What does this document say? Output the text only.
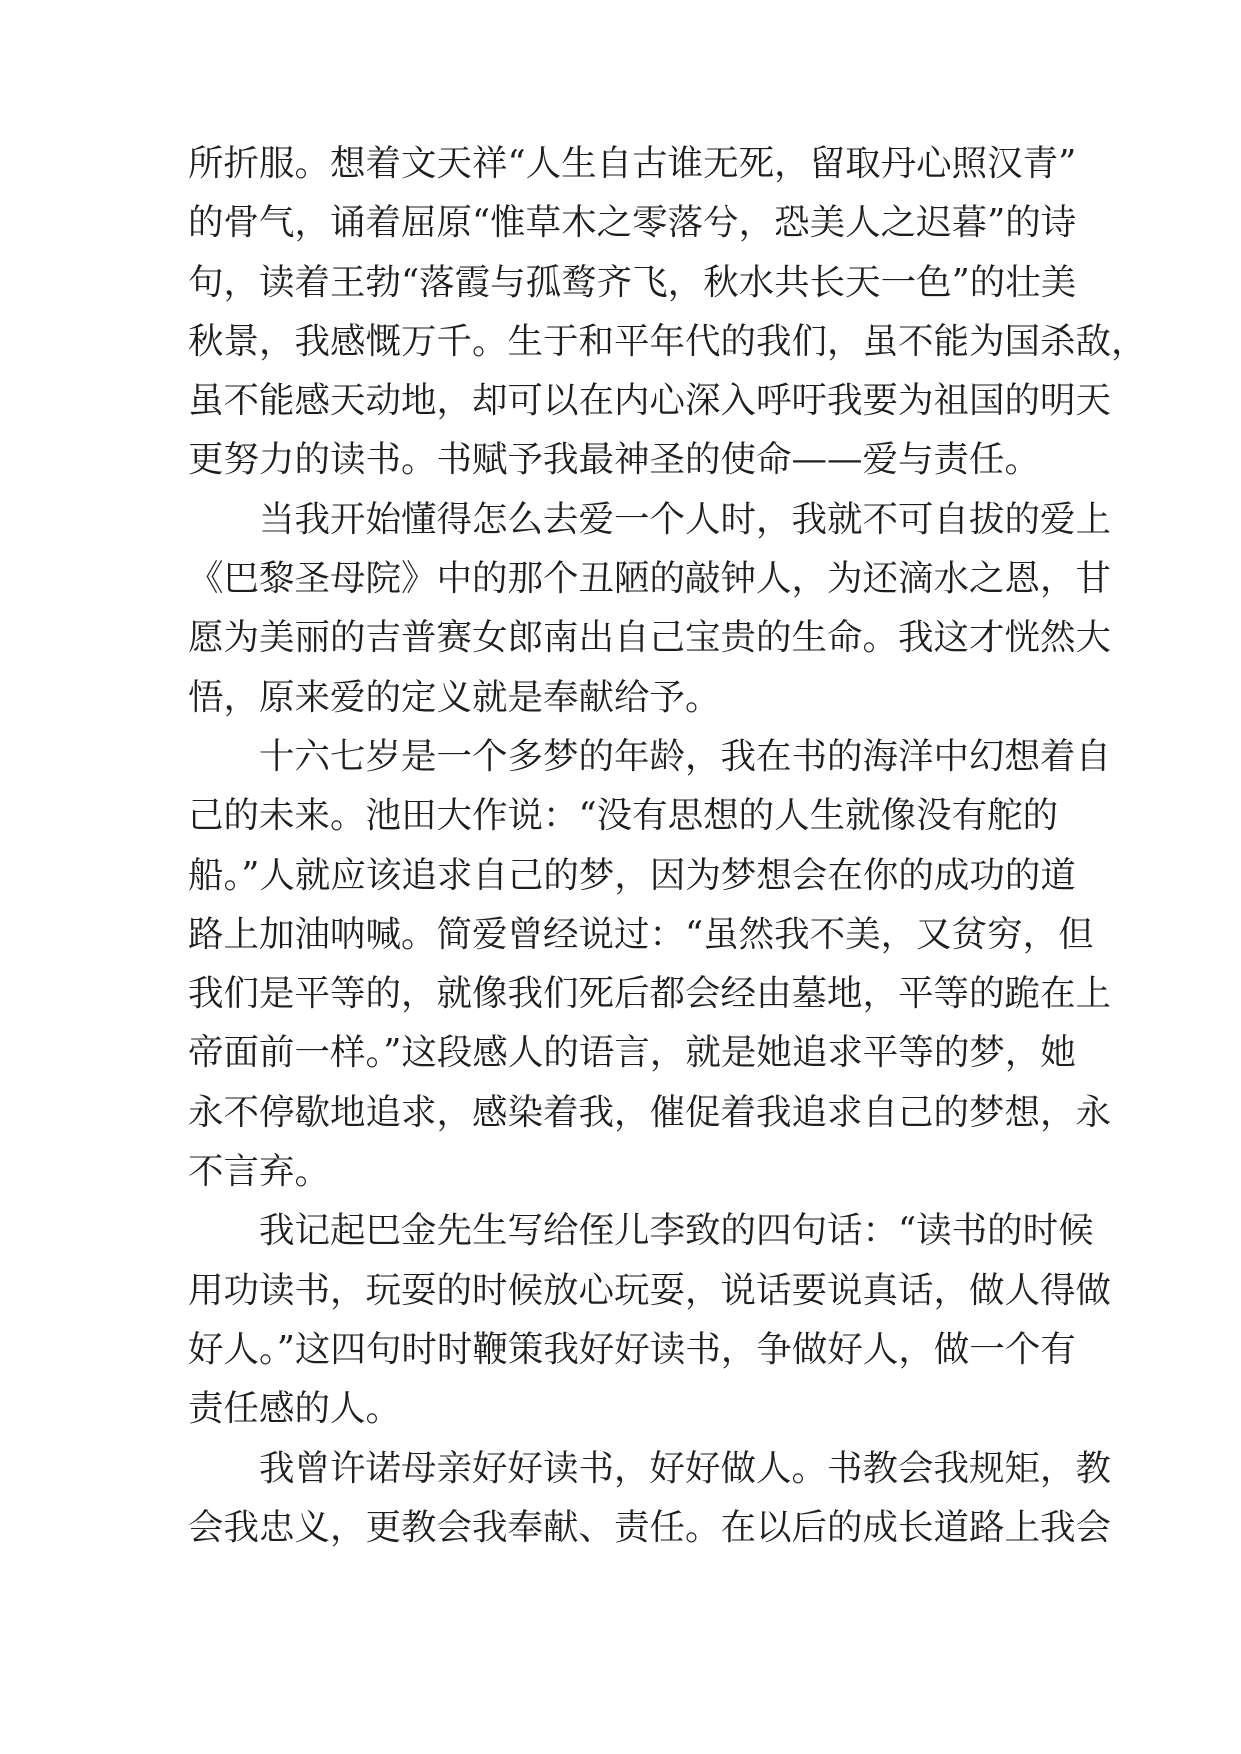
所折服。想着文天祥“人生自古谁无死，留取丹心照汉青”
的骨气，诵着屈原“惟草木之零落兮，恐美人之迟暮”的诗
句，读着王勃“落霞与孤鹜齐飞，秋水共长天一色”的壮美
秋景，我感慨万千。生于和平年代的我们，虽不能为国杀敌，
虽不能感天动地，却可以在内心深入呼吁我要为祖国的明天
更努力的读书。书赋予我最神圣的使命——爱与责任。
当我开始懂得怎么去爱一个人时，我就不可自拔的爱上
《巴黎圣母院》中的那个丑陋的敲钟人，为还滴水之恩，甘
愿为美丽的吉普赛女郎南出自己宝贵的生命。我这才恍然大
悟，原来爱的定义就是奉献给予。
十六七岁是一个多梦的年龄，我在书的海洋中幻想着自
己的未来。池田大作说：“没有思想的人生就像没有舵的
船。”人就应该追求自己的梦，因为梦想会在你的成功的道
路上加油呐喊。简爱曾经说过：“虽然我不美，又贫穷，但
我们是平等的，就像我们死后都会经由墓地，平等的跪在上
帝面前一样。”这段感人的语言，就是她追求平等的梦，她
永不停歇地追求，感染着我，催促着我追求自己的梦想，永
不言弃。
我记起巴金先生写给侄儿李致的四句话：“读书的时候
用功读书，玩耍的时候放心玩耍，说话要说真话，做人得做
好人。”这四句时时鞭策我好好读书，争做好人，做一个有
责任感的人。
我曾许诺母亲好好读书，好好做人。书教会我规矩，教
会我忠义，更教会我奉献、责任。在以后的成长道路上我会
